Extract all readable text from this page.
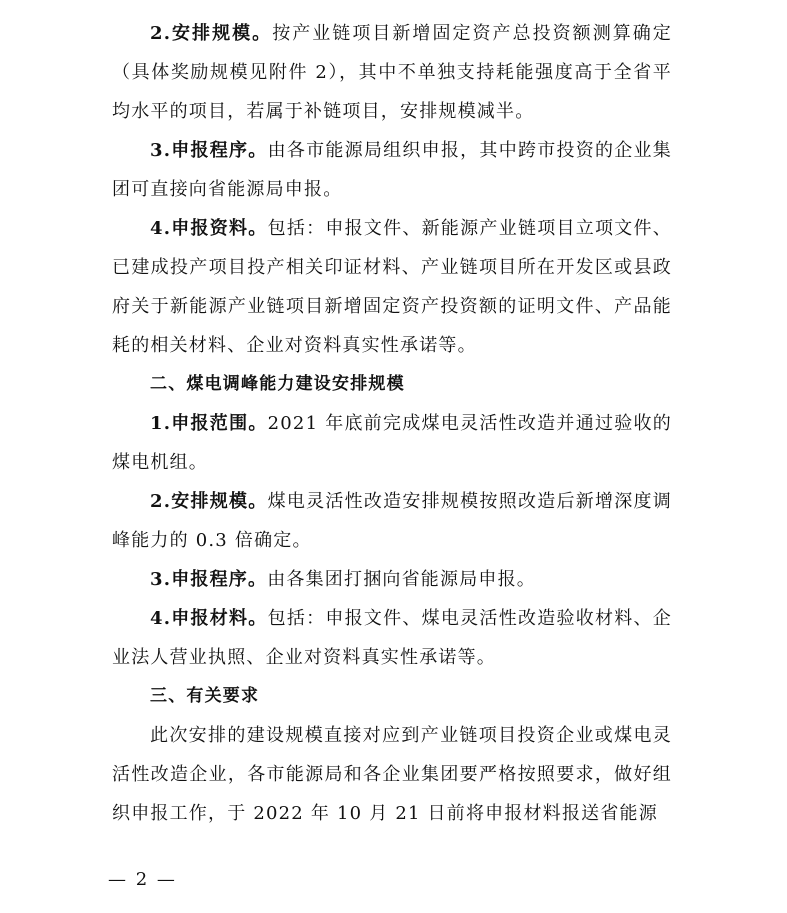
2.安排规模。按产业链项目新增固定资产总投资额测算确定（具体奖励规模见附件 2），其中不单独支持耗能强度高于全省平均水平的项目，若属于补链项目，安排规模减半。

3.申报程序。由各市能源局组织申报，其中跨市投资的企业集团可直接向省能源局申报。

4.申报资料。包括：申报文件、新能源产业链项目立项文件、已建成投产项目投产相关印证材料、产业链项目所在开发区或县政府关于新能源产业链项目新增固定资产投资额的证明文件、产品能耗的相关材料、企业对资料真实性承诺等。

二、煤电调峰能力建设安排规模

1.申报范围。2021 年底前完成煤电灵活性改造并通过验收的煤电机组。

2.安排规模。煤电灵活性改造安排规模按照改造后新增深度调峰能力的 0.3 倍确定。

3.申报程序。由各集团打捆向省能源局申报。

4.申报材料。包括：申报文件、煤电灵活性改造验收材料、企业法人营业执照、企业对资料真实性承诺等。

三、有关要求

此次安排的建设规模直接对应到产业链项目投资企业或煤电灵活性改造企业，各市能源局和各企业集团要严格按照要求，做好组织申报工作，于 2022 年 10 月 21 日前将申报材料报送省能源

— 2 —
